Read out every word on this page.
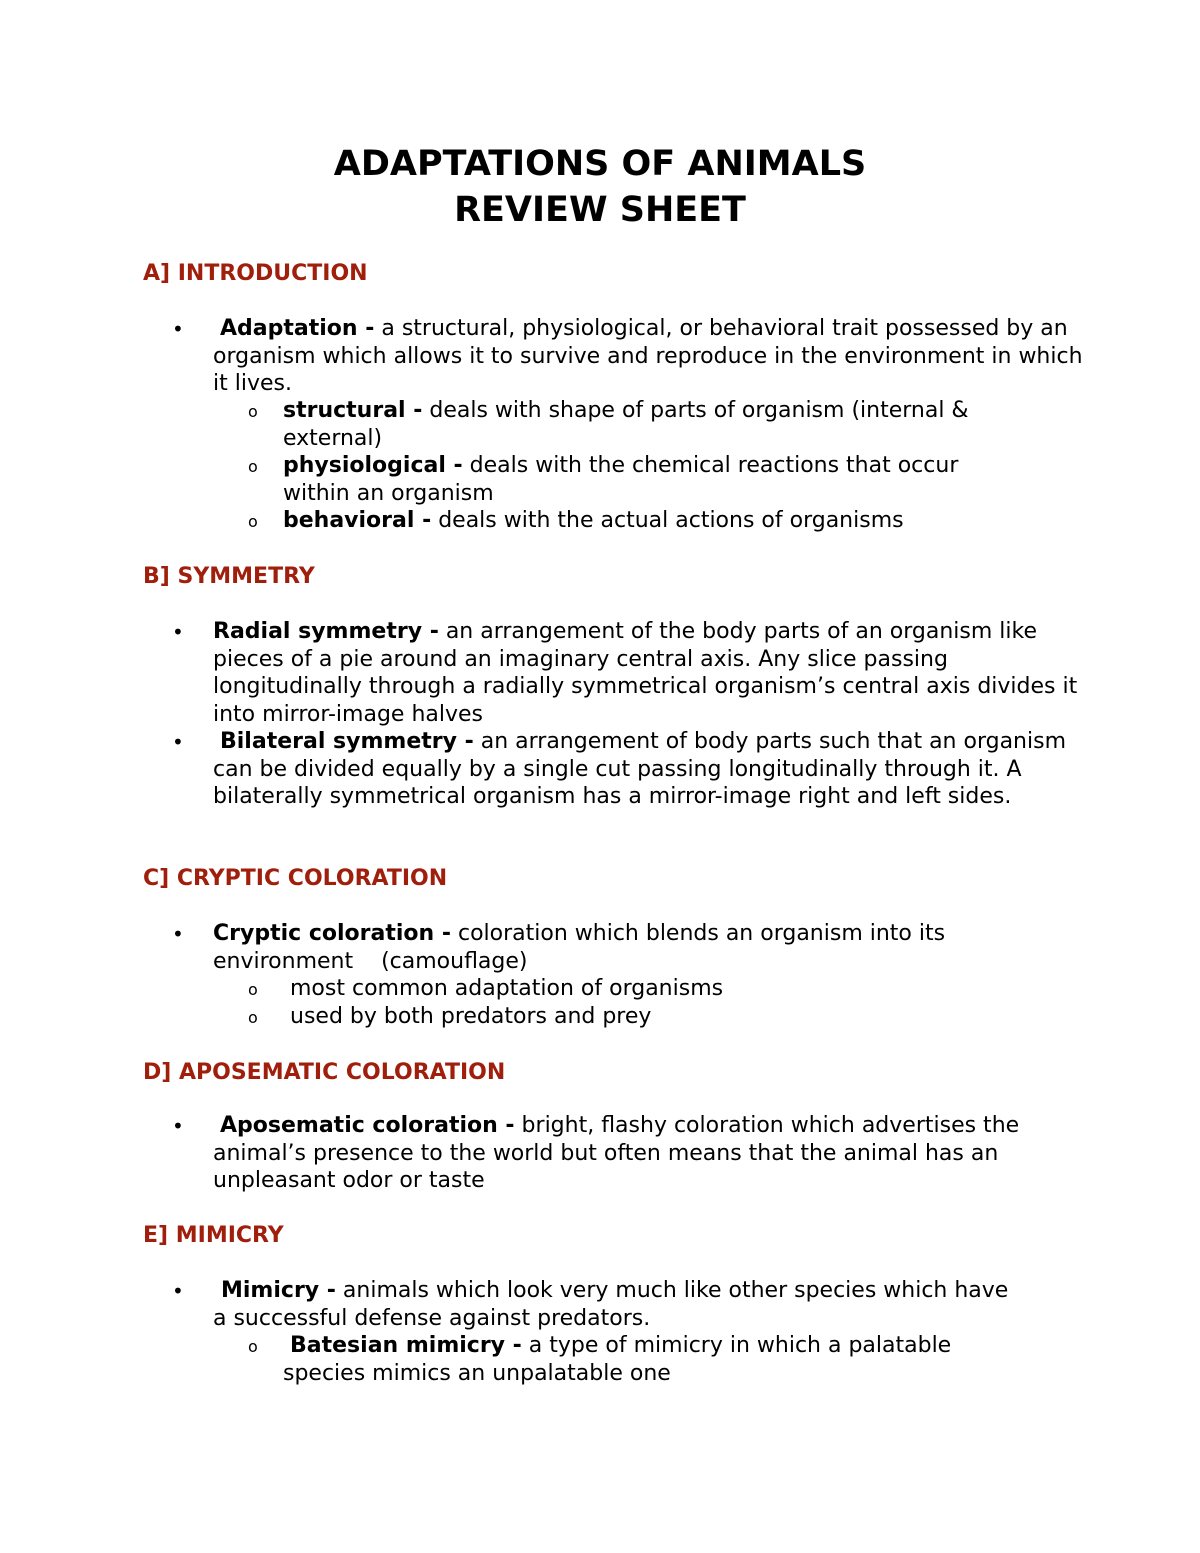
ADAPTATIONS OF ANIMALS
REVIEW SHEET
A] INTRODUCTION
•	Adaptation - a structural, physiological, or behavioral trait possessed by an organism which allows it to survive and reproduce in the environment in which it lives.
o structural - deals with shape of parts of organism (internal & external)
o physiological - deals with the chemical reactions that occur within an organism
o behavioral - deals with the actual actions of organisms
B] SYMMETRY
• Radial symmetry - an arrangement of the body parts of an organism like pieces of a pie around an imaginary central axis. Any slice passing longitudinally through a radially symmetrical organism’s central axis divides it into mirror-image halves
•	Bilateral symmetry - an arrangement of body parts such that an organism can be divided equally by a single cut passing longitudinally through it. A bilaterally symmetrical organism has a mirror-image right and left sides.
C] CRYPTIC COLORATION
• Cryptic coloration - coloration which blends an organism into its environment    (camouflage)
o most common adaptation of organisms
o used by both predators and prey
D] APOSEMATIC COLORATION
•	Aposematic coloration - bright, flashy coloration which advertises the animal’s presence to the world but often means that the animal has an unpleasant odor or taste
E] MIMICRY
•	Mimicry - animals which look very much like other species which have a successful defense against predators.
o	Batesian mimicry - a type of mimicry in which a palatable species mimics an unpalatable one
